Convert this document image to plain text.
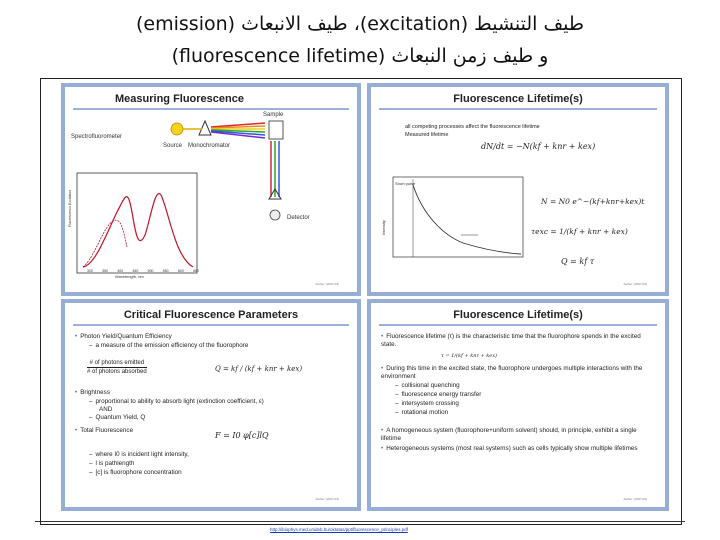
طيف التنشيط (excitation)، طيف الانبعاث (emission)
و طيف زمن النبعاث (fluorescence lifetime)
Measuring Fluorescence
Spectrofluorometer
Source Monochromator
Sample
Detector
Wavelength, nm
300	350	400	450	500	550	600	650
Fluorescence Excitation
Author: (2007-03)
Fluorescence Lifetime(s)
all competing processes affect the fluorescence lifetime
Measured lifetime
dN/dt = −N(kf + knr + kex)
Short pulse
Intensity
N = N0 e^−(kf+knr+kex)t
τexc = 1/(kf + knr + kex)
Q = kf τ
Author: (2007-03)
Critical Fluorescence Parameters
• Photon Yield/Quantum Efficiency
– a measure of the emission efficiency of the fluorophore
# of photons emitted
# of photons absorbed	Q = kf / (kf + knr + kex)
• Brightness
– proportional to ability to absorb light (extinction coefficient, ε)
AND
– Quantum Yield, Q
• Total Fluorescence
F = I0 φ[c]lQ
– where I0 is incident light intensity,
– l is pathlength
– [c] is fluorophore concentration
Author: (2007-03)
Fluorescence Lifetime(s)
• Fluorescence lifetime (τ) is the characteristic time that the fluorophore spends in the excited state.
τ = 1/(kf + knr + kex)
• During this time in the excited state, the fluorophore undergoes multiple interactions with the environment
– collisional quenching
– fluorescence energy transfer
– intersystem crossing
– rotational motion
• A homogeneous system (fluorophore+uniform solvent) should, in principle, exhibit a single lifetime
• Heterogeneous systems (most real systems) such as cells typically show multiple lifetimes
Author: (2007-03)
http://ibiophys.med.unideb.hu/oktatas/ppt/fluorescence_principles.pdf
